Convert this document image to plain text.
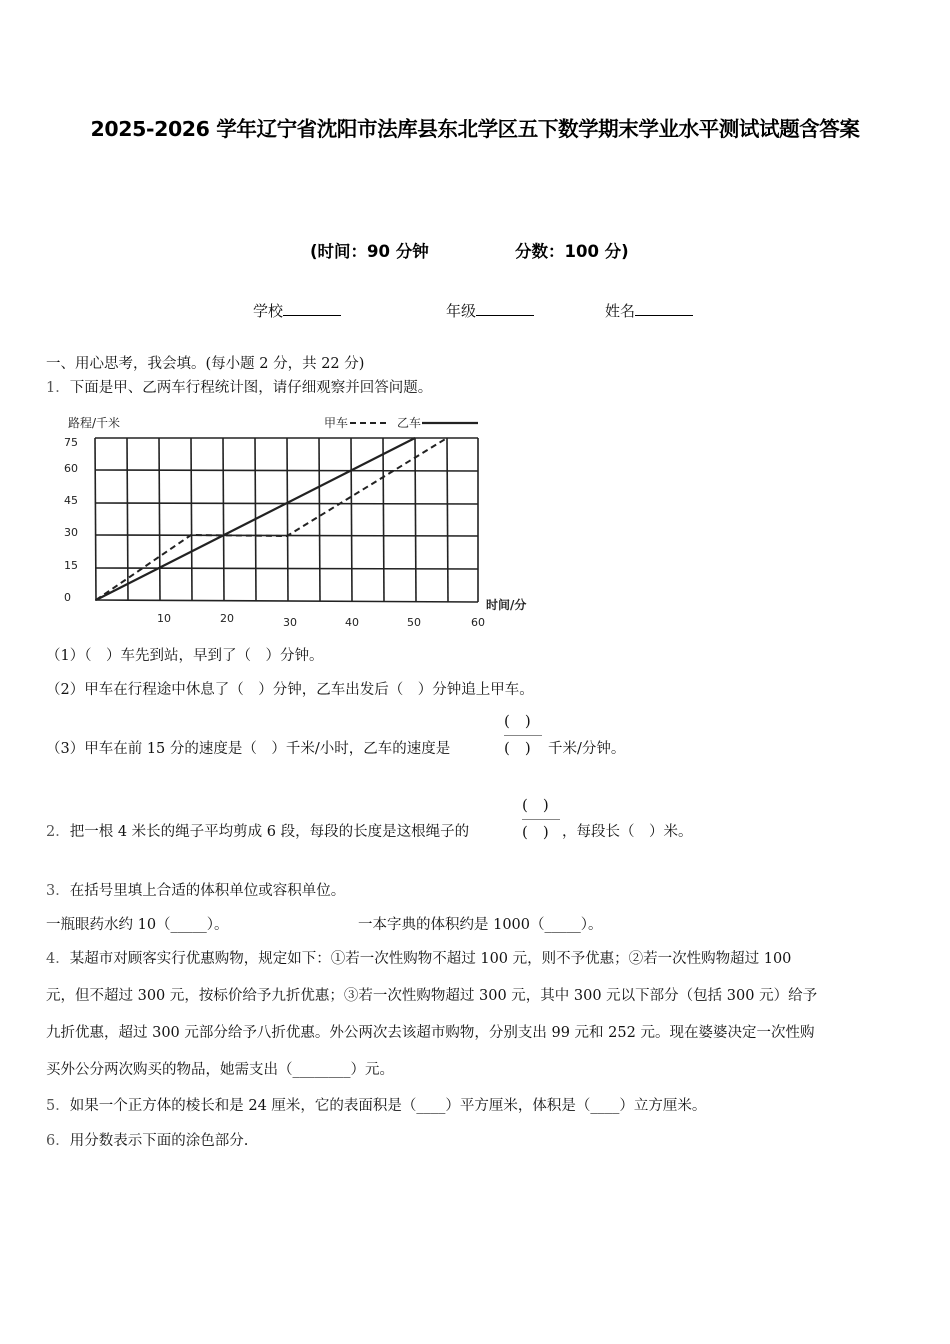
2025-2026 学年辽宁省沈阳市法库县东北学区五下数学期末学业水平测试试题含答案
(时间：90 分钟	分数：100 分)
学校	年级	姓名
一、用心思考，我会填。(每小题 2 分，共 22 分)
1．下面是甲、乙两车行程统计图，请仔细观察并回答问题。
路程/千米	甲车	乙车
75
60
45
30
15
0
10	20	30	40	50	60
时间/分
（1）（　）车先到站，早到了（　）分钟。
（2）甲车在行程途中休息了（　）分钟，乙车出发后（　）分钟追上甲车。
（3）甲车在前 15 分的速度是（　）千米/小时，乙车的速度是
(　)
(　) 千米/分钟。
2．把一根 4 米长的绳子平均剪成 6 段，每段的长度是这根绳子的
(　)
(　) ，每段长（　）米。
3．在括号里填上合适的体积单位或容积单位。
一瓶眼药水约 10（_____）。	一本字典的体积约是 1000（_____）。
4．某超市对顾客实行优惠购物，规定如下：①若一次性购物不超过 100 元，则不予优惠；②若一次性购物超过 100
元，但不超过 300 元，按标价给予九折优惠；③若一次性购物超过 300 元，其中 300 元以下部分（包括 300 元）给予
九折优惠，超过 300 元部分给予八折优惠。外公两次去该超市购物，分别支出 99 元和 252 元。现在婆婆决定一次性购
买外公分两次购买的物品，她需支出（________）元。
5．如果一个正方体的棱长和是 24 厘米，它的表面积是（____）平方厘米，体积是（____）立方厘米。
6．用分数表示下面的涂色部分.
